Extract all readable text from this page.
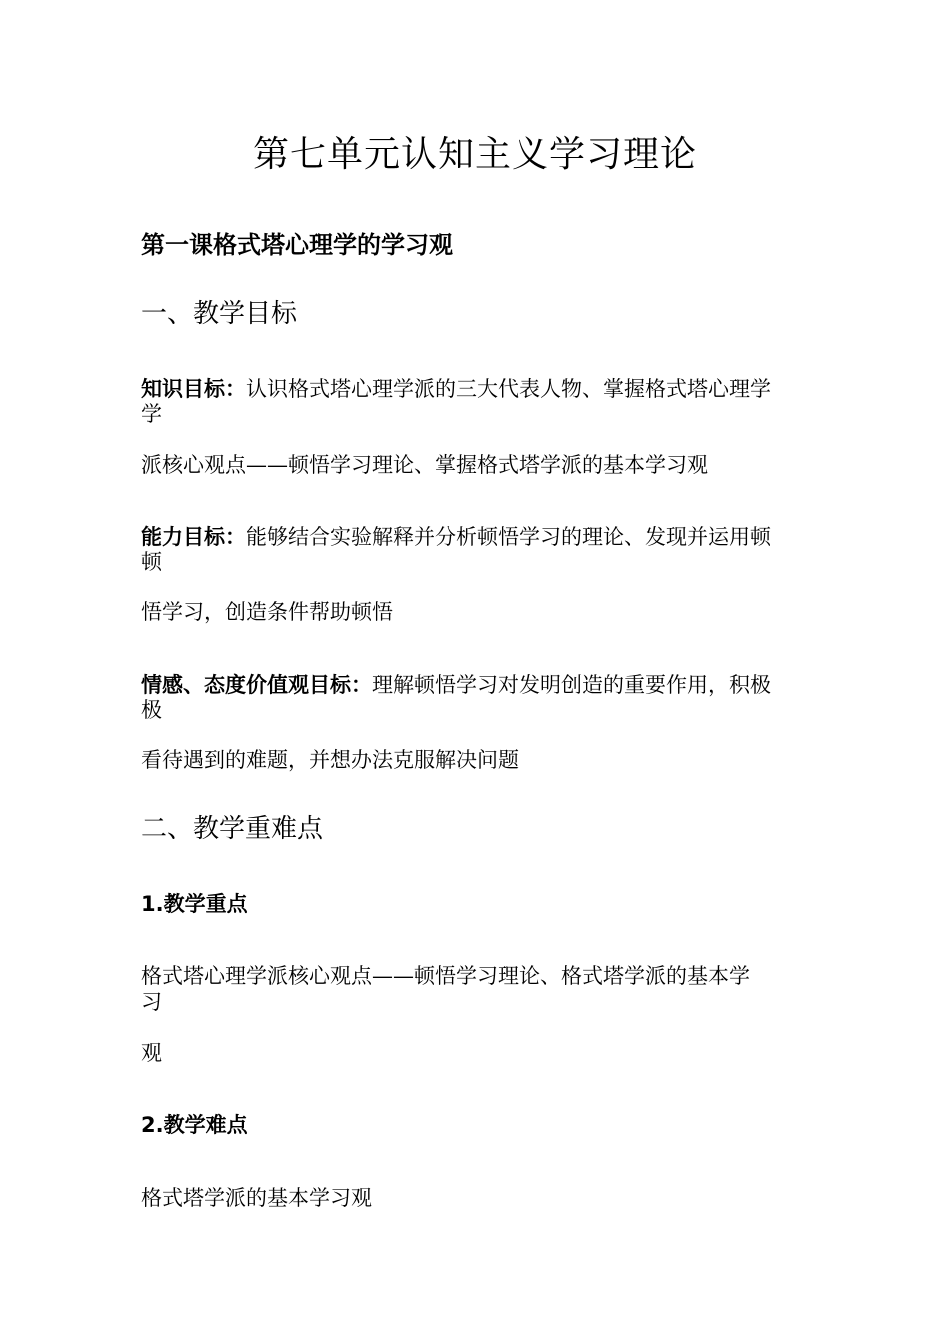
第七单元认知主义学习理论
第一课格式塔心理学的学习观
一、教学目标
知识目标：认识格式塔心理学派的三大代表人物、掌握格式塔心理学
学
派核心观点——顿悟学习理论、掌握格式塔学派的基本学习观
能力目标：能够结合实验解释并分析顿悟学习的理论、发现并运用顿
顿
悟学习，创造条件帮助顿悟
情感、态度价值观目标：理解顿悟学习对发明创造的重要作用，积极
极
看待遇到的难题，并想办法克服解决问题
二、教学重难点
1.教学重点
格式塔心理学派核心观点——顿悟学习理论、格式塔学派的基本学
习
观
2.教学难点
格式塔学派的基本学习观
